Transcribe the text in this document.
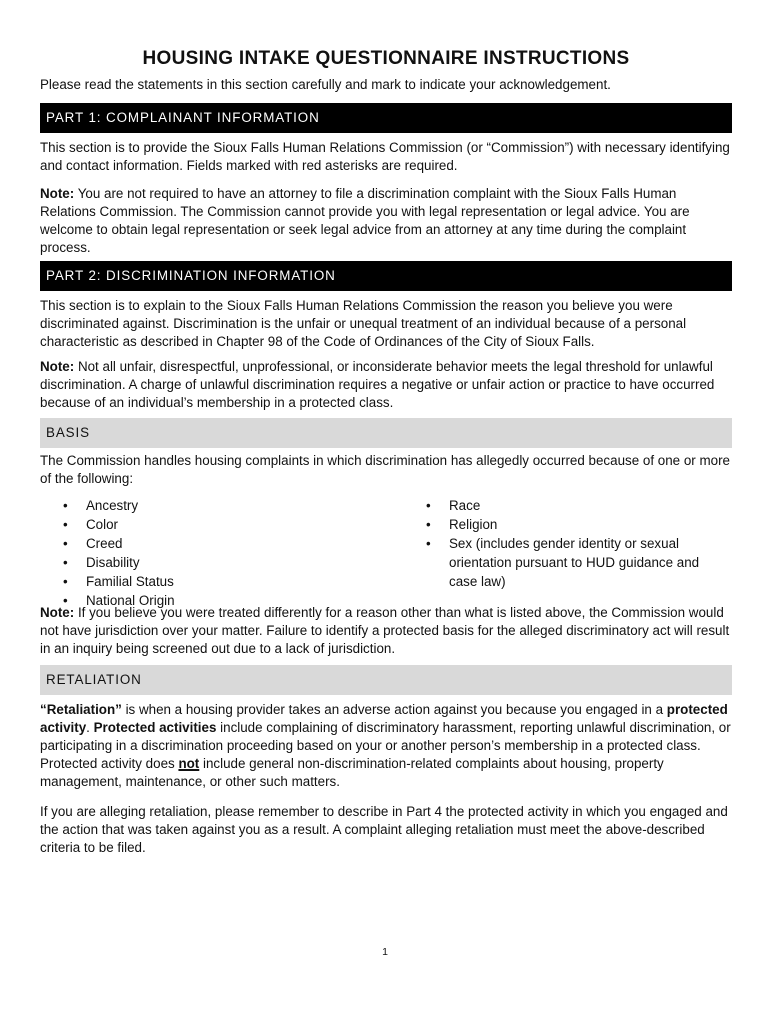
HOUSING INTAKE QUESTIONNAIRE INSTRUCTIONS

Please read the statements in this section carefully and mark to indicate your acknowledgement.

PART 1: COMPLAINANT INFORMATION

This section is to provide the Sioux Falls Human Relations Commission (or “Commission”) with necessary identifying and contact information. Fields marked with red asterisks are required.

Note: You are not required to have an attorney to file a discrimination complaint with the Sioux Falls Human Relations Commission. The Commission cannot provide you with legal representation or legal advice. You are welcome to obtain legal representation or seek legal advice from an attorney at any time during the complaint process.

PART 2: DISCRIMINATION INFORMATION

This section is to explain to the Sioux Falls Human Relations Commission the reason you believe you were discriminated against. Discrimination is the unfair or unequal treatment of an individual because of a personal characteristic as described in Chapter 98 of the Code of Ordinances of the City of Sioux Falls.

Note: Not all unfair, disrespectful, unprofessional, or inconsiderate behavior meets the legal threshold for unlawful discrimination. A charge of unlawful discrimination requires a negative or unfair action or practice to have occurred because of an individual’s membership in a protected class.

BASIS

The Commission handles housing complaints in which discrimination has allegedly occurred because of one or more of the following:

• Ancestry
• Color
• Creed
• Disability
• Familial Status
• National Origin
• Race
• Religion
• Sex (includes gender identity or sexual orientation pursuant to HUD guidance and case law)

Note: If you believe you were treated differently for a reason other than what is listed above, the Commission would not have jurisdiction over your matter. Failure to identify a protected basis for the alleged discriminatory act will result in an inquiry being screened out due to a lack of jurisdiction.

RETALIATION

“Retaliation” is when a housing provider takes an adverse action against you because you engaged in a protected activity. Protected activities include complaining of discriminatory harassment, reporting unlawful discrimination, or participating in a discrimination proceeding based on your or another person’s membership in a protected class. Protected activity does not include general non-discrimination-related complaints about housing, property management, maintenance, or other such matters.

If you are alleging retaliation, please remember to describe in Part 4 the protected activity in which you engaged and the action that was taken against you as a result. A complaint alleging retaliation must meet the above-described criteria to be filed.

1
